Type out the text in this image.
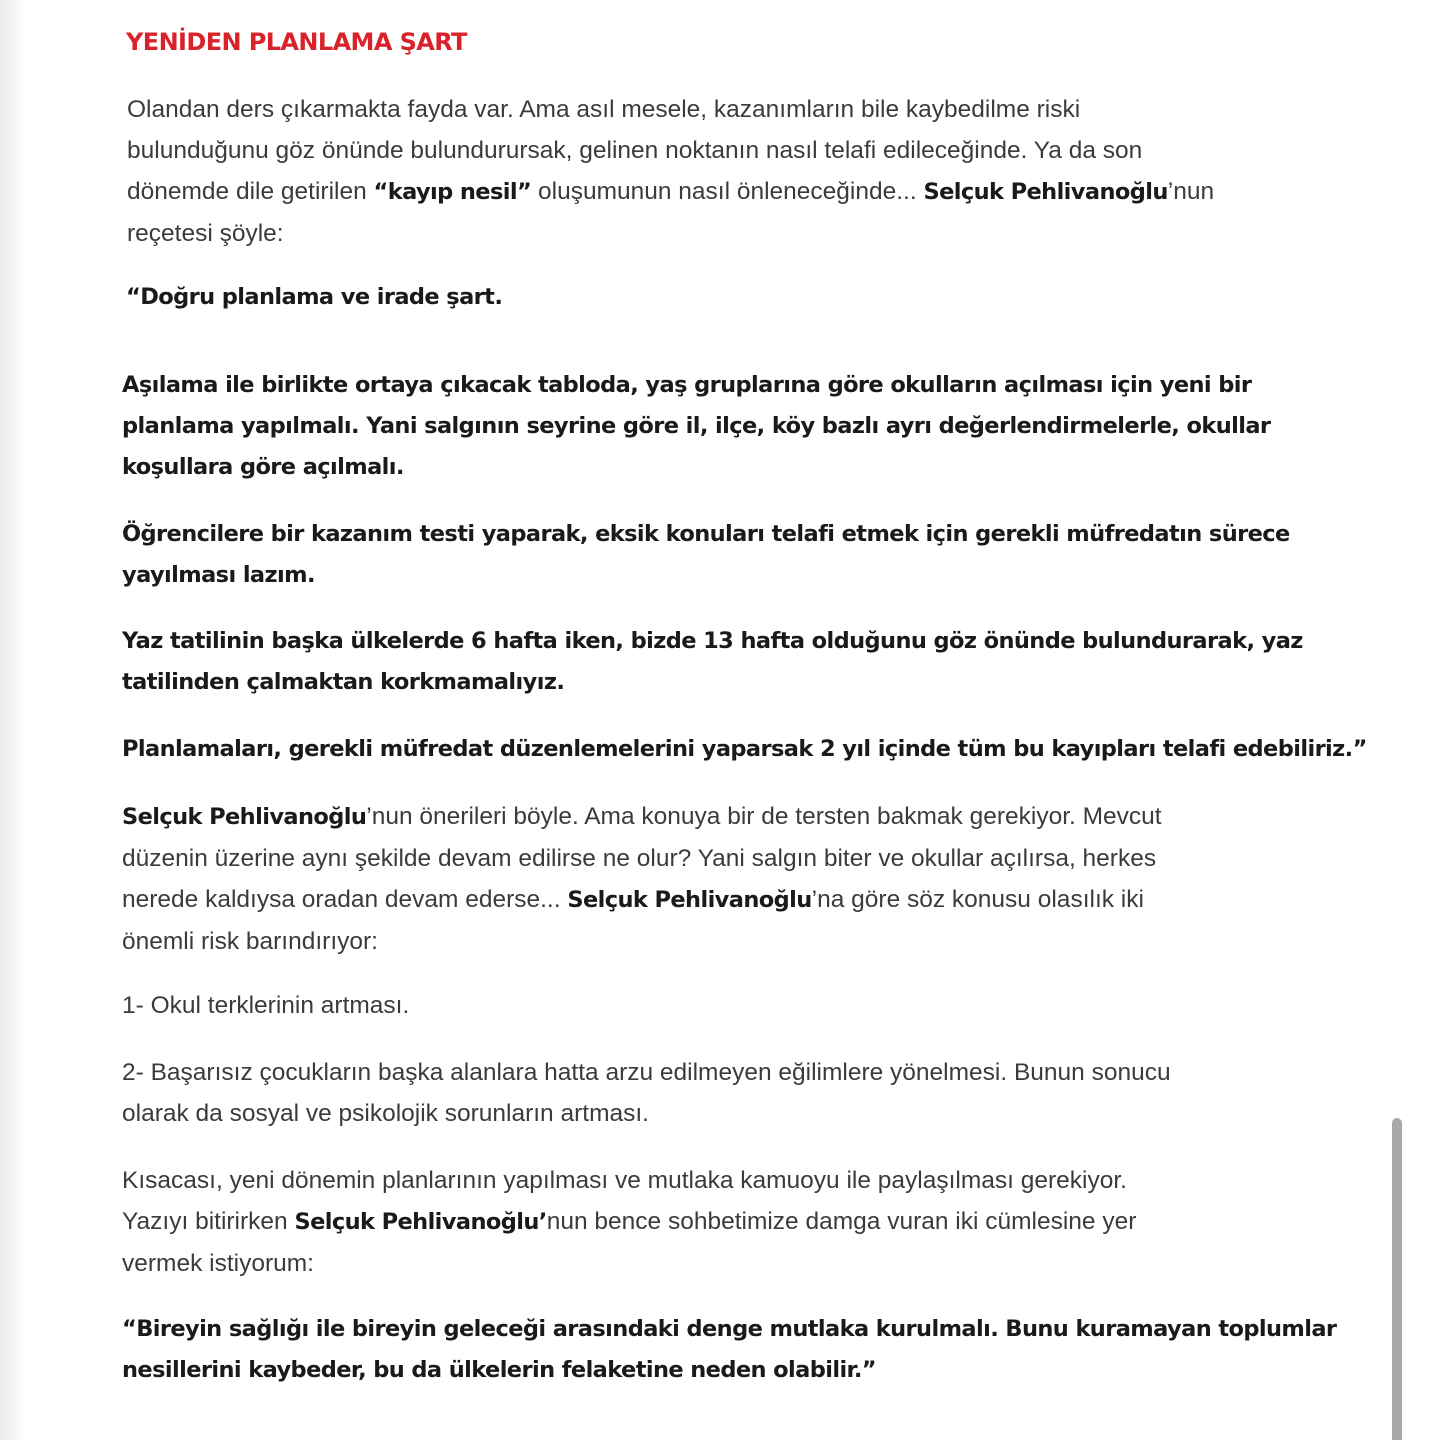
YENİDEN PLANLAMA ŞART

Olandan ders çıkarmakta fayda var. Ama asıl mesele, kazanımların bile kaybedilme riski
bulunduğunu göz önünde bulundurursak, gelinen noktanın nasıl telafi edileceğinde. Ya da son
dönemde dile getirilen “kayıp nesil” oluşumunun nasıl önleneceğinde... Selçuk Pehlivanoğlu’nun
reçetesi şöyle:

“Doğru planlama ve irade şart.

Aşılama ile birlikte ortaya çıkacak tabloda, yaş gruplarına göre okulların açılması için yeni bir
planlama yapılmalı. Yani salgının seyrine göre il, ilçe, köy bazlı ayrı değerlendirmelerle, okullar
koşullara göre açılmalı.

Öğrencilere bir kazanım testi yaparak, eksik konuları telafi etmek için gerekli müfredatın sürece
yayılması lazım.

Yaz tatilinin başka ülkelerde 6 hafta iken, bizde 13 hafta olduğunu göz önünde bulundurarak, yaz
tatilinden çalmaktan korkmamalıyız.

Planlamaları, gerekli müfredat düzenlemelerini yaparsak 2 yıl içinde tüm bu kayıpları telafi edebiliriz.”

Selçuk Pehlivanoğlu’nun önerileri böyle. Ama konuya bir de tersten bakmak gerekiyor. Mevcut
düzenin üzerine aynı şekilde devam edilirse ne olur? Yani salgın biter ve okullar açılırsa, herkes
nerede kaldıysa oradan devam ederse... Selçuk Pehlivanoğlu’na göre söz konusu olasılık iki
önemli risk barındırıyor:

1- Okul terklerinin artması.

2- Başarısız çocukların başka alanlara hatta arzu edilmeyen eğilimlere yönelmesi. Bunun sonucu
olarak da sosyal ve psikolojik sorunların artması.

Kısacası, yeni dönemin planlarının yapılması ve mutlaka kamuoyu ile paylaşılması gerekiyor.
Yazıyı bitirirken Selçuk Pehlivanoğlu’nun bence sohbetimize damga vuran iki cümlesine yer
vermek istiyorum:

“Bireyin sağlığı ile bireyin geleceği arasındaki denge mutlaka kurulmalı. Bunu kuramayan toplumlar
nesillerini kaybeder, bu da ülkelerin felaketine neden olabilir.”
